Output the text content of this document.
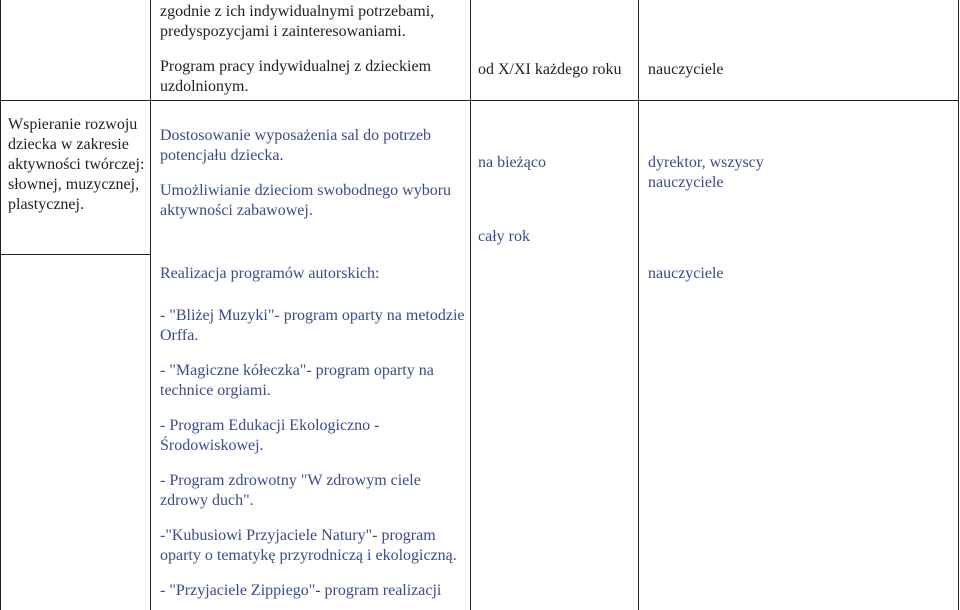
zgodnie z ich indywidualnymi potrzebami, predyspozycjami i zainteresowaniami.

Program pracy indywidualnej z dzieckiem uzdolnionym.

od X/XI każdego roku	nauczyciele
Wspieranie rozwoju dziecka w zakresie aktywności twórczej: słownej, muzycznej, plastycznej.

Dostosowanie wyposażenia sal do potrzeb potencjału dziecka.

Umożliwianie dzieciom swobodnego wyboru aktywności zabawowej.

na bieżąco
cały rok
dyrektor, wszyscy nauczyciele

Realizacja programów autorskich:

- "Bliżej Muzyki"- program oparty na metodzie Orffa.

- "Magiczne kółeczka"- program oparty na technice orgiami.

- Program Edukacji Ekologiczno - Środowiskowej.

- Program zdrowotny "W zdrowym ciele zdrowy duch".

-"Kubusiowi Przyjaciele Natury"- program oparty o tematykę przyrodniczą i ekologiczną.

- "Przyjaciele Zippiego"- program realizacji

nauczyciele
